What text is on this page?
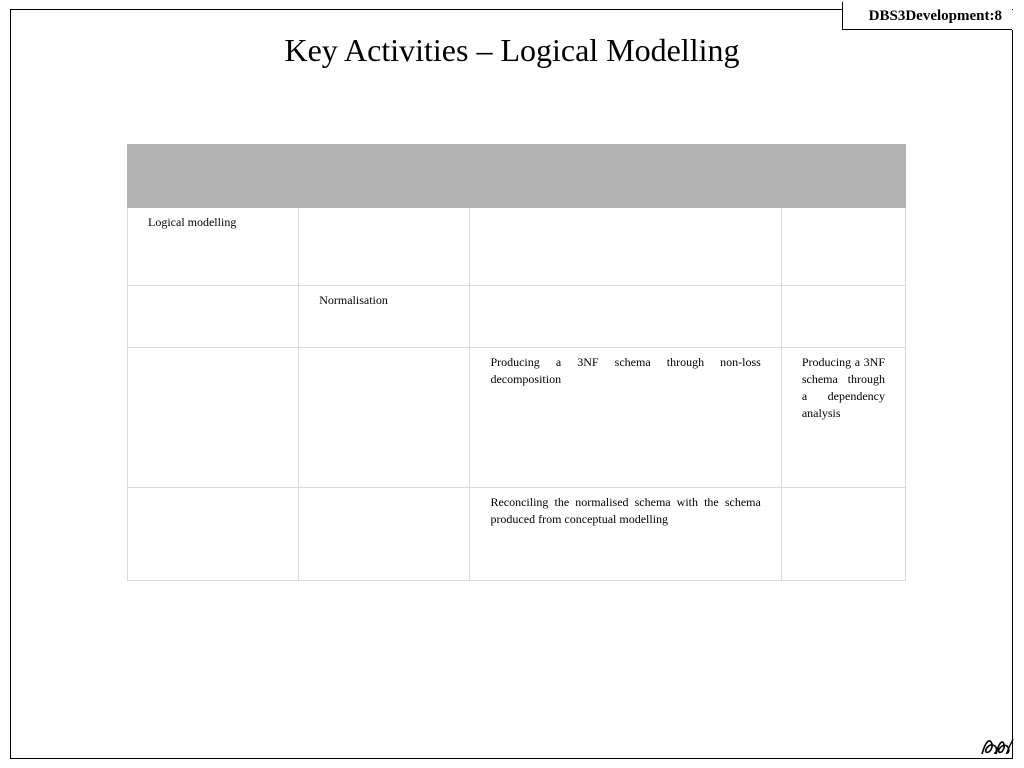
DBS3Development:8
Key Activities – Logical Modelling

Logical modelling			
	Normalisation		
		Producing a 3NF schema through non-loss decomposition	Producing a 3NF schema through a dependency analysis
		Reconciling the normalised schema with the schema produced from conceptual modelling	
